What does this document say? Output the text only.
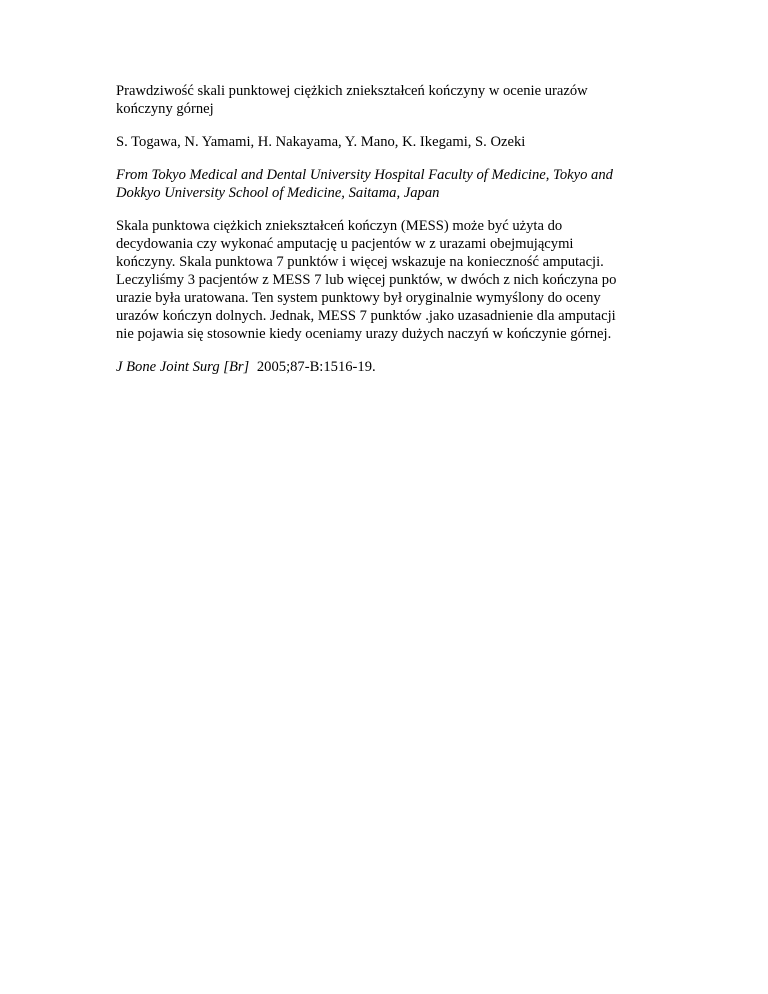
Prawdziwość skali punktowej ciężkich zniekształceń kończyny w ocenie urazów
kończyny górnej
S. Togawa, N. Yamami, H. Nakayama, Y. Mano, K. Ikegami, S. Ozeki
From Tokyo Medical and Dental University Hospital Faculty of Medicine, Tokyo and
Dokkyo University School of Medicine, Saitama, Japan
Skala punktowa ciężkich zniekształceń kończyn (MESS) może być użyta do
decydowania czy wykonać amputację u pacjentów w z urazami obejmującymi
kończyny. Skala punktowa 7 punktów i więcej wskazuje na konieczność amputacji.
Leczyliśmy 3 pacjentów z MESS 7 lub więcej punktów, w dwóch z nich kończyna po
urazie była uratowana. Ten system punktowy był oryginalnie wymyślony do oceny
urazów kończyn dolnych. Jednak, MESS 7 punktów .jako uzasadnienie dla amputacji
nie pojawia się stosownie kiedy oceniamy urazy dużych naczyń w kończynie górnej.
J Bone Joint Surg [Br] 2005;87-B:1516-19.
